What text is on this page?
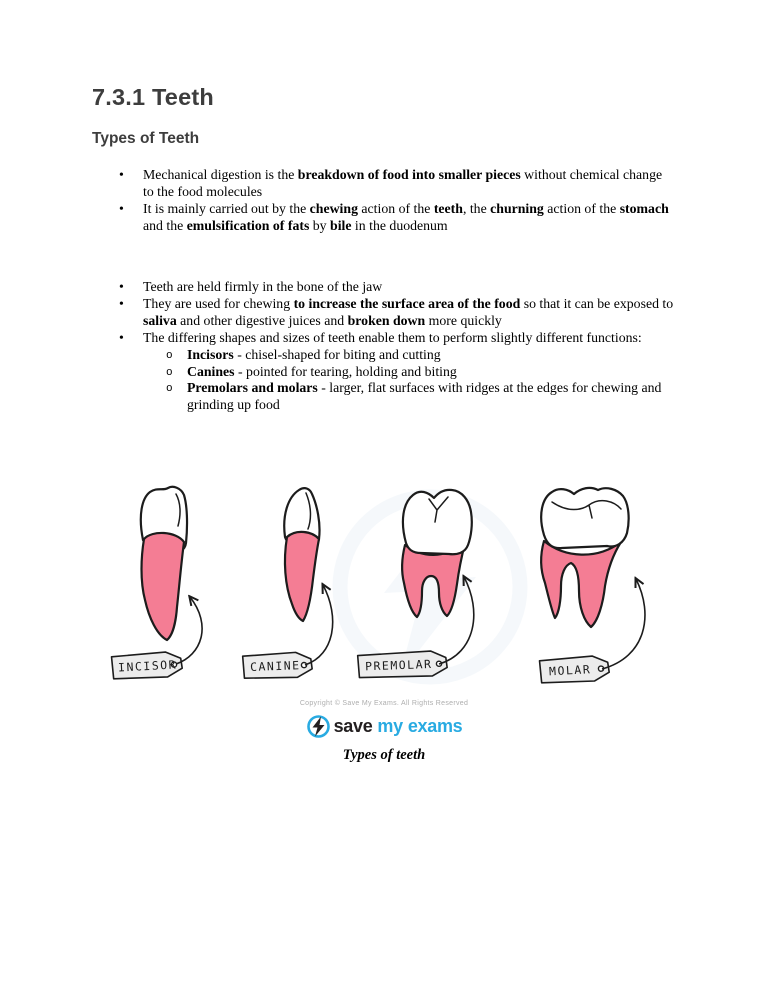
7.3.1 Teeth
Types of Teeth
• Mechanical digestion is the breakdown of food into smaller pieces without chemical change to the food molecules
• It is mainly carried out by the chewing action of the teeth, the churning action of the stomach and the emulsification of fats by bile in the duodenum
• Teeth are held firmly in the bone of the jaw
• They are used for chewing to increase the surface area of the food so that it can be exposed to saliva and other digestive juices and broken down more quickly
• The differing shapes and sizes of teeth enable them to perform slightly different functions:
o Incisors - chisel-shaped for biting and cutting
o Canines - pointed for tearing, holding and biting
o Premolars and molars - larger, flat surfaces with ridges at the edges for chewing and grinding up food
INCISOR	CANINE	PREMOLAR	MOLAR
Copyright © Save My Exams. All Rights Reserved
save my exams
Types of teeth
